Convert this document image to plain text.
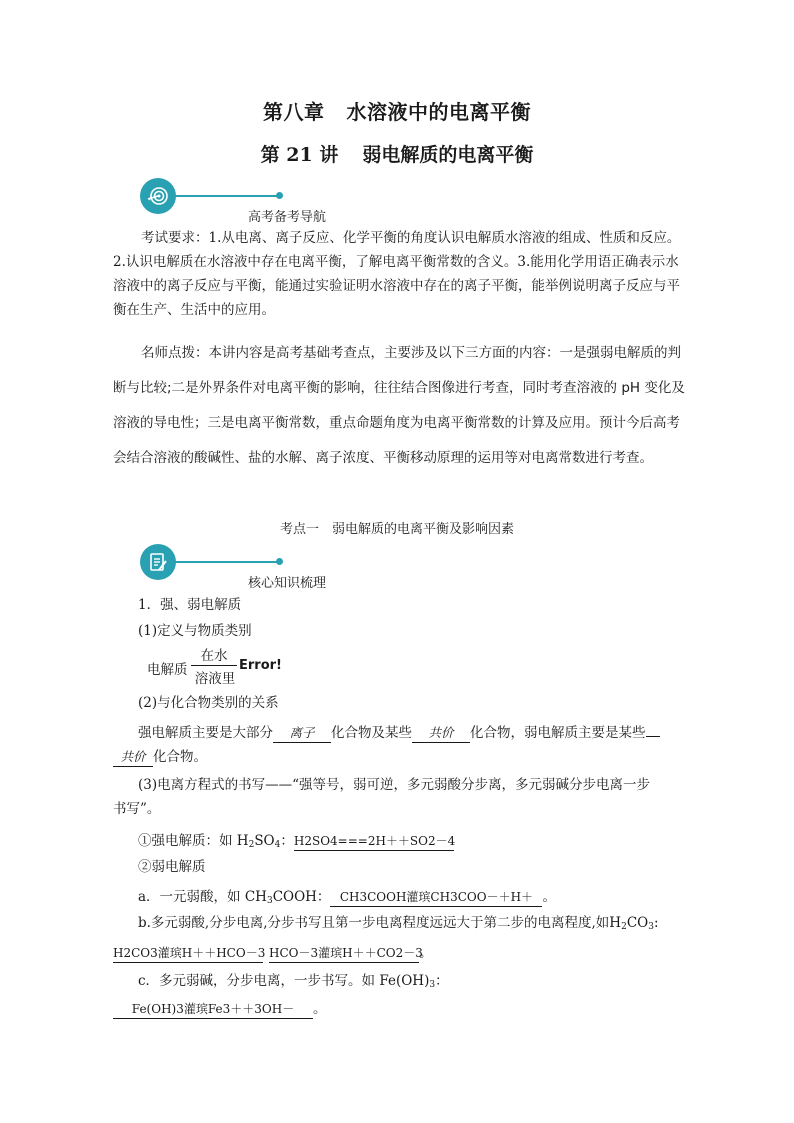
第八章 水溶液中的电离平衡
第 21 讲 弱电解质的电离平衡
高考备考导航
考试要求：1.从电离、离子反应、化学平衡的角度认识电解质水溶液的组成、性质和反应。2.认识电解质在水溶液中存在电离平衡，了解电离平衡常数的含义。3.能用化学用语正确表示水溶液中的离子反应与平衡，能通过实验证明水溶液中存在的离子平衡，能举例说明离子反应与平衡在生产、生活中的应用。
名师点拨：本讲内容是高考基础考查点，主要涉及以下三方面的内容：一是强弱电解质的判断与比较;二是外界条件对电离平衡的影响，往往结合图像进行考查，同时考查溶液的 pH 变化及溶液的导电性；三是电离平衡常数，重点命题角度为电离平衡常数的计算及应用。预计今后高考会结合溶液的酸碱性、盐的水解、离子浓度、平衡移动原理的运用等对电离常数进行考查。
考点一　弱电解质的电离平衡及影响因素
核心知识梳理
1．强、弱电解质
(1)定义与物质类别
电解质
在水
溶液里
Error!
(2)与化合物类别的关系
强电解质主要是大部分 离子 化合物及某些 共价 化合物，弱电解质主要是某些
共价 化合物。
(3)电离方程式的书写——“强等号，弱可逆，多元弱酸分步离，多元弱碱分步电离一步
书写”。
①强电解质：如 $H_2SO_4$：H2SO4===2H＋＋SO2－4
②弱电解质
a．一元弱酸，如 $CH_3COOH$： CH3COOH灌瑸CH3COO－＋H＋ 。
b.多元弱酸,分步电离,分步书写且第一步电离程度远远大于第二步的电离程度,如$H_2CO_3$:
H2CO3灌瑸H＋＋HCO－3 HCO－3灌瑸H＋＋CO2－3。
c．多元弱碱，分步电离，一步书写。如 $Fe(OH)_3$：
Fe(OH)3灌瑸Fe3＋＋3OH－ 。
